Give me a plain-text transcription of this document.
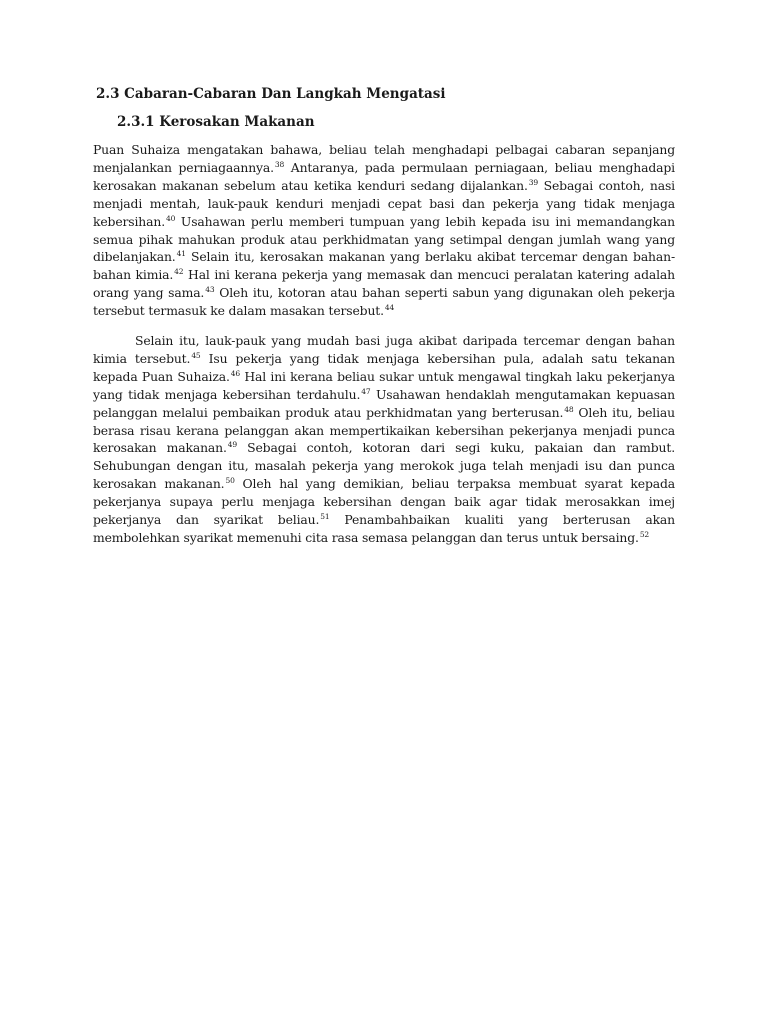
2.3 Cabaran-Cabaran Dan Langkah Mengatasi
2.3.1 Kerosakan Makanan
Puan Suhaiza mengatakan bahawa, beliau telah menghadapi pelbagai cabaran sepanjang menjalankan perniagaannya.$^{38}$ Antaranya, pada permulaan perniagaan, beliau menghadapi kerosakan makanan sebelum atau ketika kenduri sedang dijalankan.$^{39}$ Sebagai contoh, nasi menjadi mentah, lauk-pauk kenduri menjadi cepat basi dan pekerja yang tidak menjaga kebersihan.$^{40}$ Usahawan perlu memberi tumpuan yang lebih kepada isu ini memandangkan semua pihak mahukan produk atau perkhidmatan yang setimpal dengan jumlah wang yang dibelanjakan.$^{41}$ Selain itu, kerosakan makanan yang berlaku akibat tercemar dengan bahan-bahan kimia.$^{42}$ Hal ini kerana pekerja yang memasak dan mencuci peralatan katering adalah orang yang sama.$^{43}$ Oleh itu, kotoran atau bahan seperti sabun yang digunakan oleh pekerja tersebut termasuk ke dalam masakan tersebut.$^{44}$
Selain itu, lauk-pauk yang mudah basi juga akibat daripada tercemar dengan bahan kimia tersebut.$^{45}$ Isu pekerja yang tidak menjaga kebersihan pula, adalah satu tekanan kepada Puan Suhaiza.$^{46}$ Hal ini kerana beliau sukar untuk mengawal tingkah laku pekerjanya yang tidak menjaga kebersihan terdahulu.$^{47}$ Usahawan hendaklah mengutamakan kepuasan pelanggan melalui pembaikan produk atau perkhidmatan yang berterusan.$^{48}$ Oleh itu, beliau berasa risau kerana pelanggan akan mempertikaikan kebersihan pekerjanya menjadi punca kerosakan makanan.$^{49}$ Sebagai contoh, kotoran dari segi kuku, pakaian dan rambut. Sehubungan dengan itu, masalah pekerja yang merokok juga telah menjadi isu dan punca kerosakan makanan.$^{50}$ Oleh hal yang demikian, beliau terpaksa membuat syarat kepada pekerjanya supaya perlu menjaga kebersihan dengan baik agar tidak merosakkan imej pekerjanya dan syarikat beliau.$^{51}$ Penambahbaikan kualiti yang berterusan akan membolehkan syarikat memenuhi cita rasa semasa pelanggan dan terus untuk bersaing.$^{52}$
